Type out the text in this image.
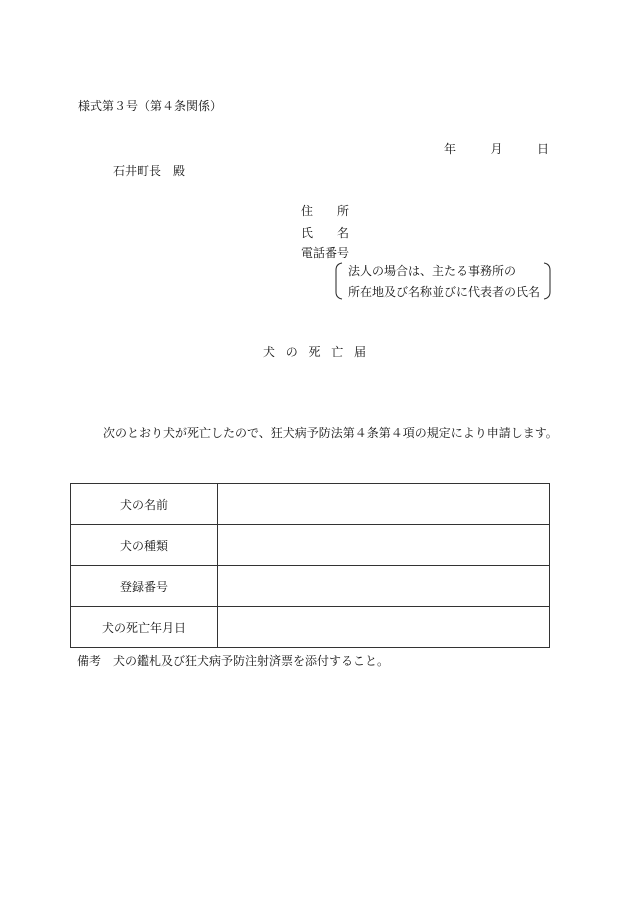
様式第３号（第４条関係）
年	月	日
石井町長　殿
住 所
氏 名
電話番号
法人の場合は、主たる事務所の
所在地及び名称並びに代表者の氏名
犬 の 死 亡 届
次のとおり犬が死亡したので、狂犬病予防法第４条第４項の規定により申請します。
犬の名前	
犬の種類	
登録番号	
犬の死亡年月日	
備考　犬の鑑札及び狂犬病予防注射済票を添付すること。
